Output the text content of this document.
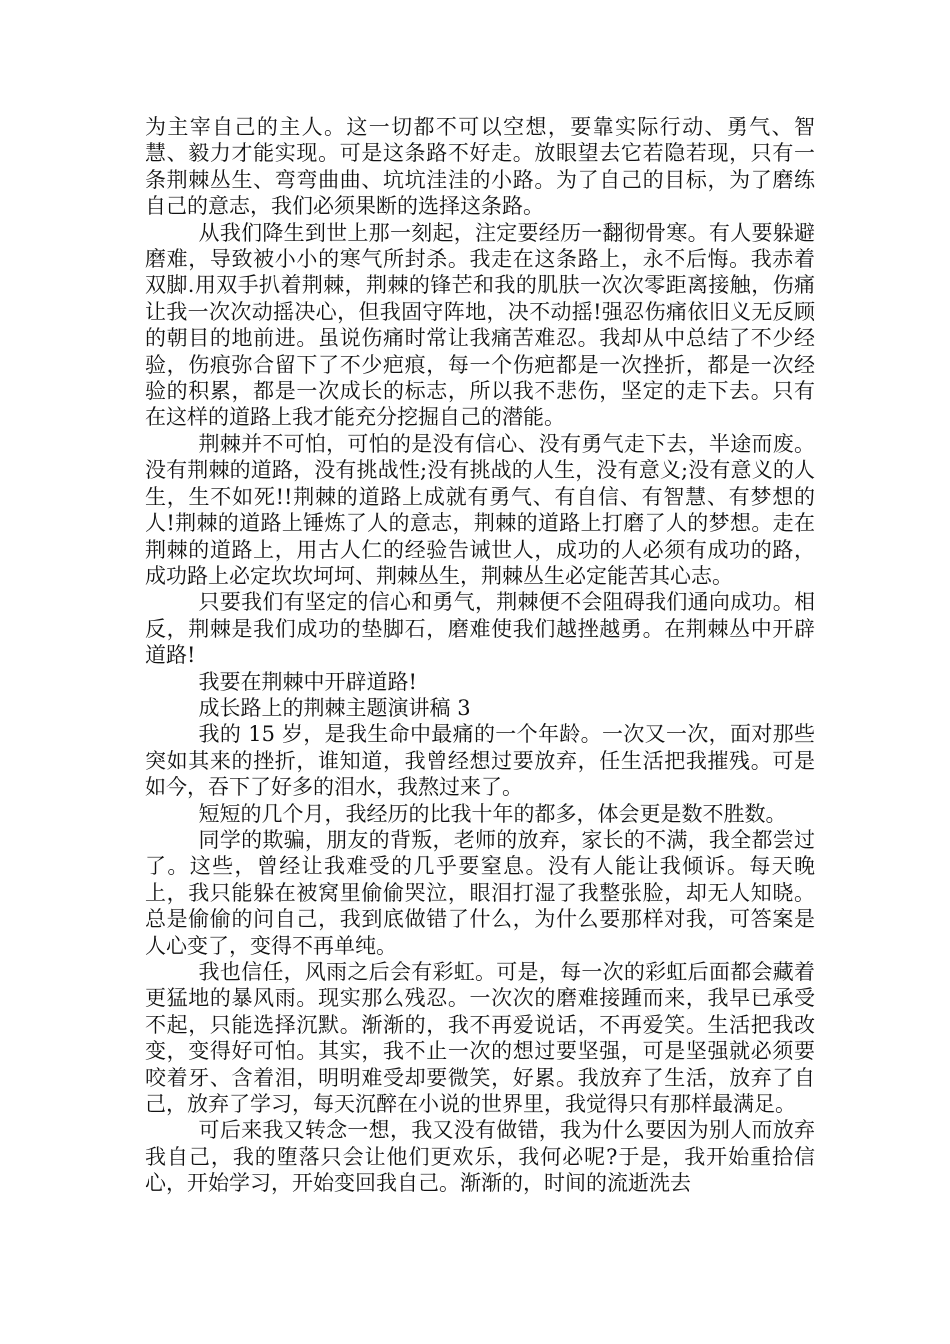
为主宰自己的主人。这一切都不可以空想，要靠实际行动、勇气、智慧、毅力才能实现。可是这条路不好走。放眼望去它若隐若现，只有一条荆棘丛生、弯弯曲曲、坑坑洼洼的小路。为了自己的目标，为了磨练自己的意志，我们必须果断的选择这条路。

从我们降生到世上那一刻起，注定要经历一翻彻骨寒。有人要躲避磨难，导致被小小的寒气所封杀。我走在这条路上，永不后悔。我赤着双脚.用双手扒着荆棘，荆棘的锋芒和我的肌肤一次次零距离接触，伤痛让我一次次动摇决心，但我固守阵地，决不动摇!强忍伤痛依旧义无反顾的朝目的地前进。虽说伤痛时常让我痛苦难忍。我却从中总结了不少经验，伤痕弥合留下了不少疤痕，每一个伤疤都是一次挫折，都是一次经验的积累，都是一次成长的标志，所以我不悲伤，坚定的走下去。只有在这样的道路上我才能充分挖掘自己的潜能。

荆棘并不可怕，可怕的是没有信心、没有勇气走下去，半途而废。没有荆棘的道路，没有挑战性;没有挑战的人生，没有意义;没有意义的人生，生不如死!!荆棘的道路上成就有勇气、有自信、有智慧、有梦想的人!荆棘的道路上锤炼了人的意志，荆棘的道路上打磨了人的梦想。走在荆棘的道路上，用古人仁的经验告诫世人，成功的人必须有成功的路，成功路上必定坎坎坷坷、荆棘丛生，荆棘丛生必定能苦其心志。

只要我们有坚定的信心和勇气，荆棘便不会阻碍我们通向成功。相反，荆棘是我们成功的垫脚石，磨难使我们越挫越勇。在荆棘丛中开辟道路!

我要在荆棘中开辟道路!

成长路上的荆棘主题演讲稿 3

我的 15 岁，是我生命中最痛的一个年龄。一次又一次，面对那些突如其来的挫折，谁知道，我曾经想过要放弃，任生活把我摧残。可是如今，吞下了好多的泪水，我熬过来了。

短短的几个月，我经历的比我十年的都多，体会更是数不胜数。

同学的欺骗，朋友的背叛，老师的放弃，家长的不满，我全都尝过了。这些，曾经让我难受的几乎要窒息。没有人能让我倾诉。每天晚上，我只能躲在被窝里偷偷哭泣，眼泪打湿了我整张脸，却无人知晓。总是偷偷的问自己，我到底做错了什么，为什么要那样对我，可答案是人心变了，变得不再单纯。

我也信任，风雨之后会有彩虹。可是，每一次的彩虹后面都会藏着更猛地的暴风雨。现实那么残忍。一次次的磨难接踵而来，我早已承受不起，只能选择沉默。渐渐的，我不再爱说话，不再爱笑。生活把我改变，变得好可怕。其实，我不止一次的想过要坚强，可是坚强就必须要咬着牙、含着泪，明明难受却要微笑，好累。我放弃了生活，放弃了自己，放弃了学习，每天沉醉在小说的世界里，我觉得只有那样最满足。

可后来我又转念一想，我又没有做错，我为什么要因为别人而放弃我自己，我的堕落只会让他们更欢乐，我何必呢?于是，我开始重拾信心，开始学习，开始变回我自己。渐渐的，时间的流逝洗去
